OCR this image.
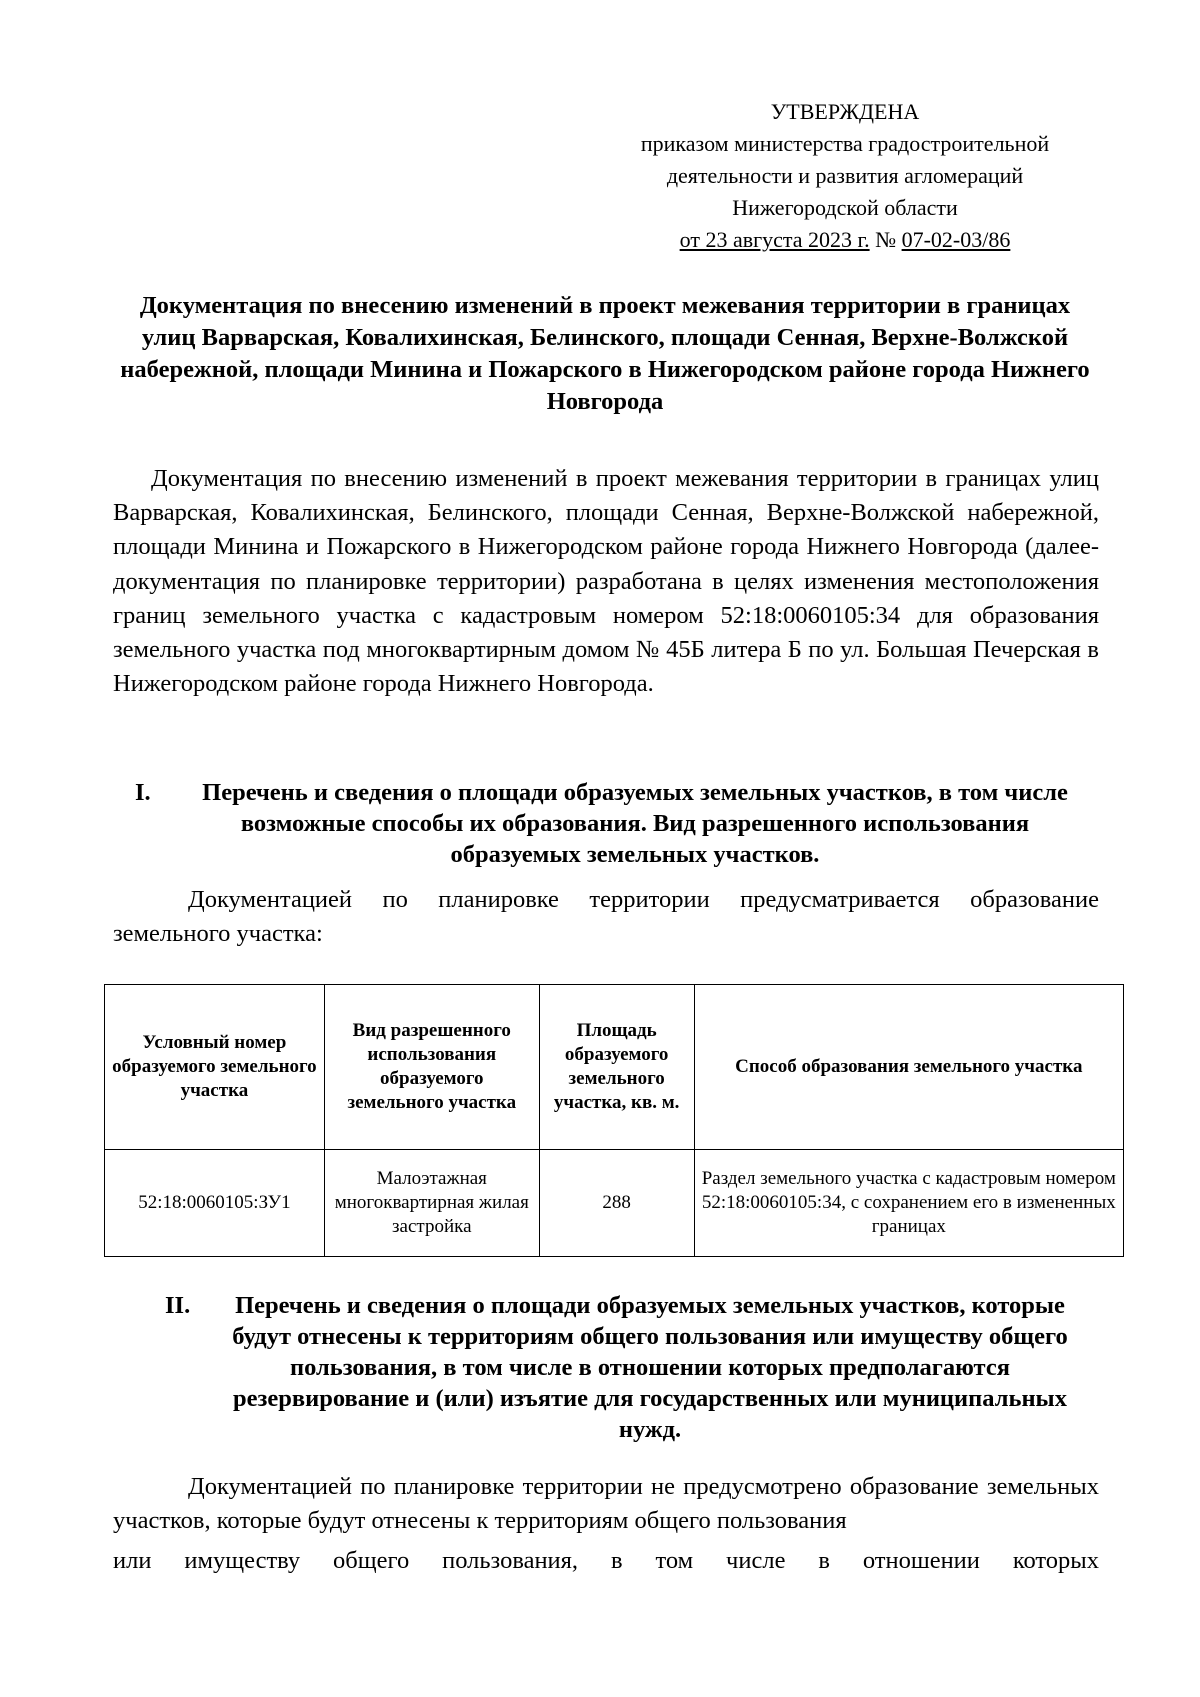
УТВЕРЖДЕНА
приказом министерства градостроительной
деятельности и развития агломераций
Нижегородской области
от 23 августа 2023 г. № 07-02-03/86
Документация по внесению изменений в проект межевания территории в границах улиц Варварская, Ковалихинская, Белинского, площади Сенная, Верхне-Волжской набережной, площади Минина и Пожарского в Нижегородском районе города Нижнего Новгорода

Документация по внесению изменений в проект межевания территории в границах улиц Варварская, Ковалихинская, Белинского, площади Сенная, Верхне-Волжской набережной, площади Минина и Пожарского в Нижегородском районе города Нижнего Новгорода (далее-документация по планировке территории) разработана в целях изменения местоположения границ земельного участка с кадастровым номером 52:18:0060105:34 для образования земельного участка под многоквартирным домом № 45Б литера Б по ул. Большая Печерская в Нижегородском районе города Нижнего Новгорода.

I.	Перечень и сведения о площади образуемых земельных участков, в том числе возможные способы их образования. Вид разрешенного использования образуемых земельных участков.

Документацией по планировке территории предусматривается образование земельного участка:

Условный номер образуемого земельного участка	Вид разрешенного использования образуемого земельного участка	Площадь образуемого земельного участка, кв. м.	Способ образования земельного участка
52:18:0060105:ЗУ1	Малоэтажная многоквартирная жилая застройка	288	Раздел земельного участка с кадастровым номером 52:18:0060105:34, с сохранением его в измененных границах
II.	Перечень и сведения о площади образуемых земельных участков, которые будут отнесены к территориям общего пользования или имуществу общего пользования, в том числе в отношении которых предполагаются резервирование и (или) изъятие для государственных или муниципальных нужд.

Документацией по планировке территории не предусмотрено образование земельных участков, которые будут отнесены к территориям общего пользования

или имуществу общего пользования, в том числе в отношении которых
